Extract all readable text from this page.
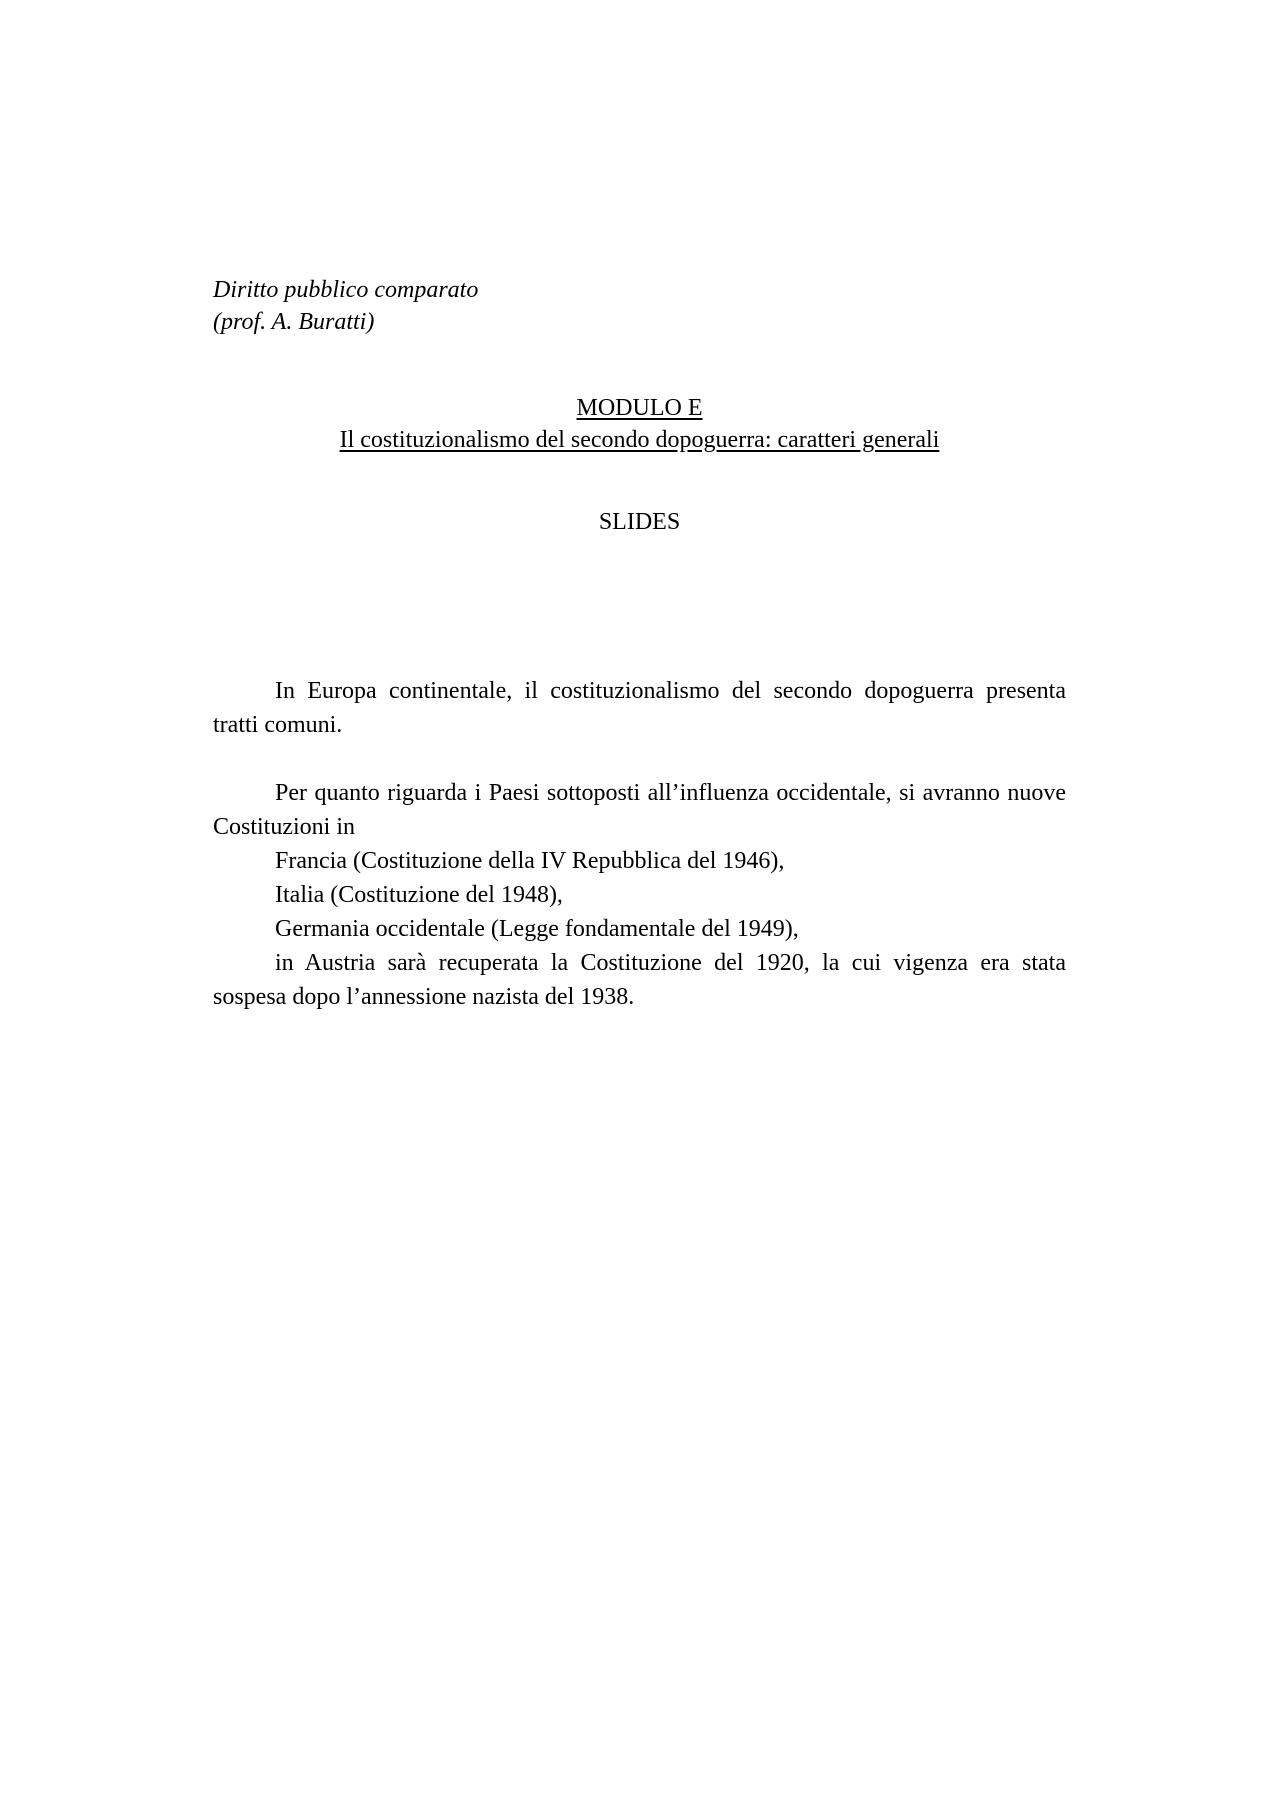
Diritto pubblico comparato
(prof. A. Buratti)
MODULO E
Il costituzionalismo del secondo dopoguerra: caratteri generali
SLIDES

In Europa continentale, il costituzionalismo del secondo dopoguerra presenta tratti comuni.

Per quanto riguarda i Paesi sottoposti all’influenza occidentale, si avranno nuove Costituzioni in

Francia (Costituzione della IV Repubblica del 1946),

Italia (Costituzione del 1948),

Germania occidentale (Legge fondamentale del 1949),

in Austria sarà recuperata la Costituzione del 1920, la cui vigenza era stata sospesa dopo l’annessione nazista del 1938.
